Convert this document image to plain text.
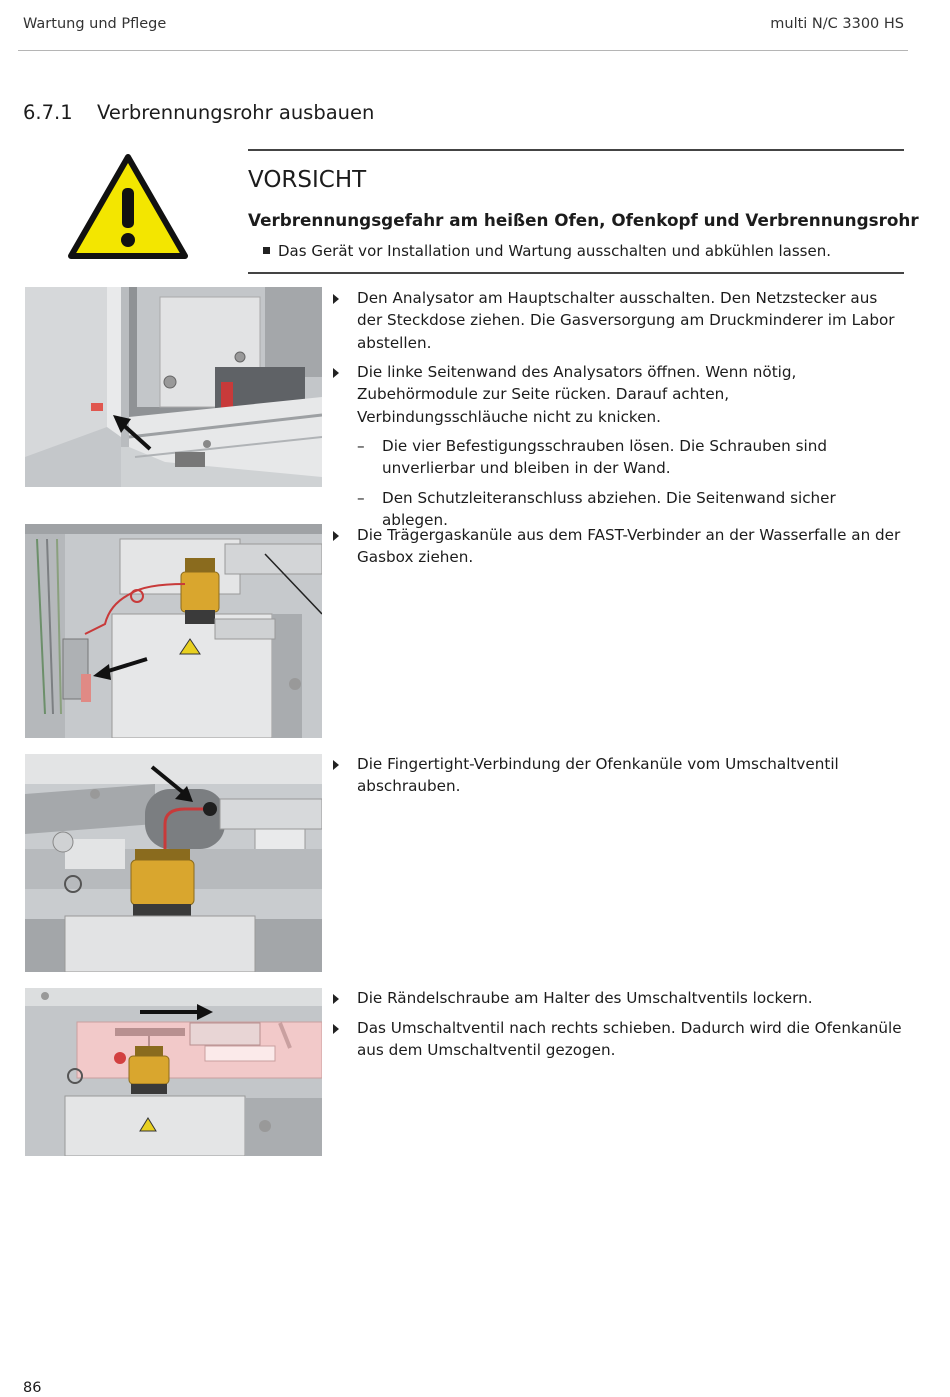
Wartung und Pflege	multi N/C 3300 HS
6.7.1 Verbrennungsrohr ausbauen
VORSICHT
Verbrennungsgefahr am heißen Ofen, Ofenkopf und Verbrennungsrohr
Das Gerät vor Installation und Wartung ausschalten und abkühlen lassen.
Den Analysator am Hauptschalter ausschalten. Den Netzstecker aus der Steckdose ziehen. Die Gasversorgung am Druckminderer im Labor abstellen.
Die linke Seitenwand des Analysators öffnen. Wenn nötig, Zubehörmodule zur Seite rücken. Darauf achten, Verbindungsschläuche nicht zu knicken.
– Die vier Befestigungsschrauben lösen. Die Schrauben sind unverlierbar und bleiben in der Wand.
– Den Schutzleiteranschluss abziehen. Die Seitenwand sicher ablegen.
Die Trägergaskanüle aus dem FAST-Verbinder an der Wasserfalle an der Gasbox ziehen.
Die Fingertight-Verbindung der Ofenkanüle vom Umschaltventil abschrauben.
Die Rändelschraube am Halter des Umschaltventils lockern.
Das Umschaltventil nach rechts schieben. Dadurch wird die Ofenkanüle aus dem Umschaltventil gezogen.
86
